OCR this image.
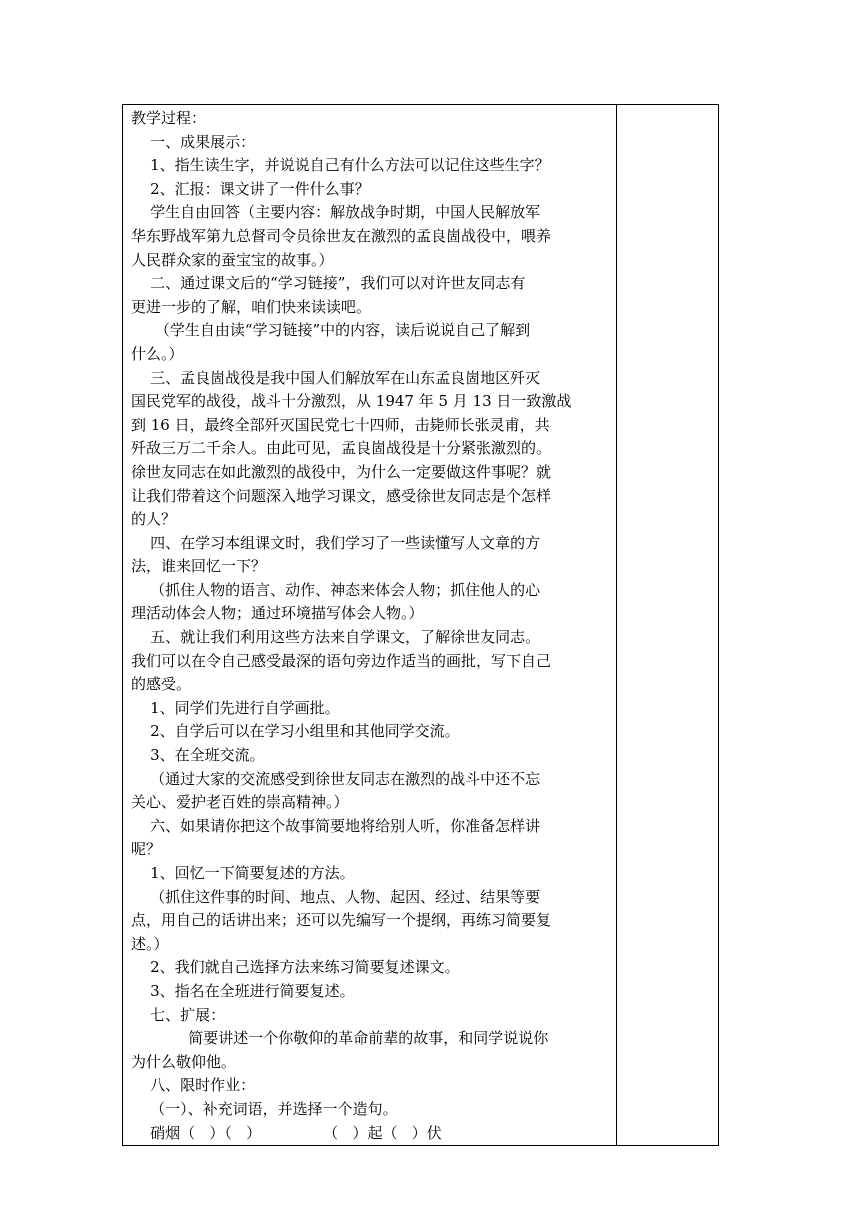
教学过程：
一、成果展示：
1、指生读生字，并说说自己有什么方法可以记住这些生字？
2、汇报：课文讲了一件什么事？
学生自由回答（主要内容：解放战争时期，中国人民解放军
华东野战军第九总督司令员徐世友在激烈的孟良崮战役中，喂养
人民群众家的蚕宝宝的故事。）
二、通过课文后的“学习链接”，我们可以对许世友同志有
更进一步的了解，咱们快来读读吧。
（学生自由读“学习链接”中的内容，读后说说自己了解到
什么。）
三、孟良崮战役是我中国人们解放军在山东孟良崮地区歼灭
国民党军的战役，战斗十分激烈，从 1947 年 5 月 13 日一致激战
到 16 日，最终全部歼灭国民党七十四师，击毙师长张灵甫，共
歼敌三万二千余人。由此可见，孟良崮战役是十分紧张激烈的。
徐世友同志在如此激烈的战役中，为什么一定要做这件事呢？就
让我们带着这个问题深入地学习课文，感受徐世友同志是个怎样
的人？
四、在学习本组课文时，我们学习了一些读懂写人文章的方
法，谁来回忆一下？
（抓住人物的语言、动作、神态来体会人物；抓住他人的心
理活动体会人物；通过环境描写体会人物。）
五、就让我们利用这些方法来自学课文，了解徐世友同志。
我们可以在令自己感受最深的语句旁边作适当的画批，写下自己
的感受。
1、同学们先进行自学画批。
2、自学后可以在学习小组里和其他同学交流。
3、在全班交流。
（通过大家的交流感受到徐世友同志在激烈的战斗中还不忘
关心、爱护老百姓的崇高精神。）
六、如果请你把这个故事简要地将给别人听，你准备怎样讲
呢？
1、回忆一下简要复述的方法。
（抓住这件事的时间、地点、人物、起因、经过、结果等要
点，用自己的话讲出来；还可以先编写一个提纲，再练习简要复
述。）
2、我们就自己选择方法来练习简要复述课文。
3、指名在全班进行简要复述。
七、扩展：
简要讲述一个你敬仰的革命前辈的故事，和同学说说你
为什么敬仰他。
八、限时作业：
（一）、补充词语，并选择一个造句。
硝烟（   ）（   ）             （   ）起（   ）伏
